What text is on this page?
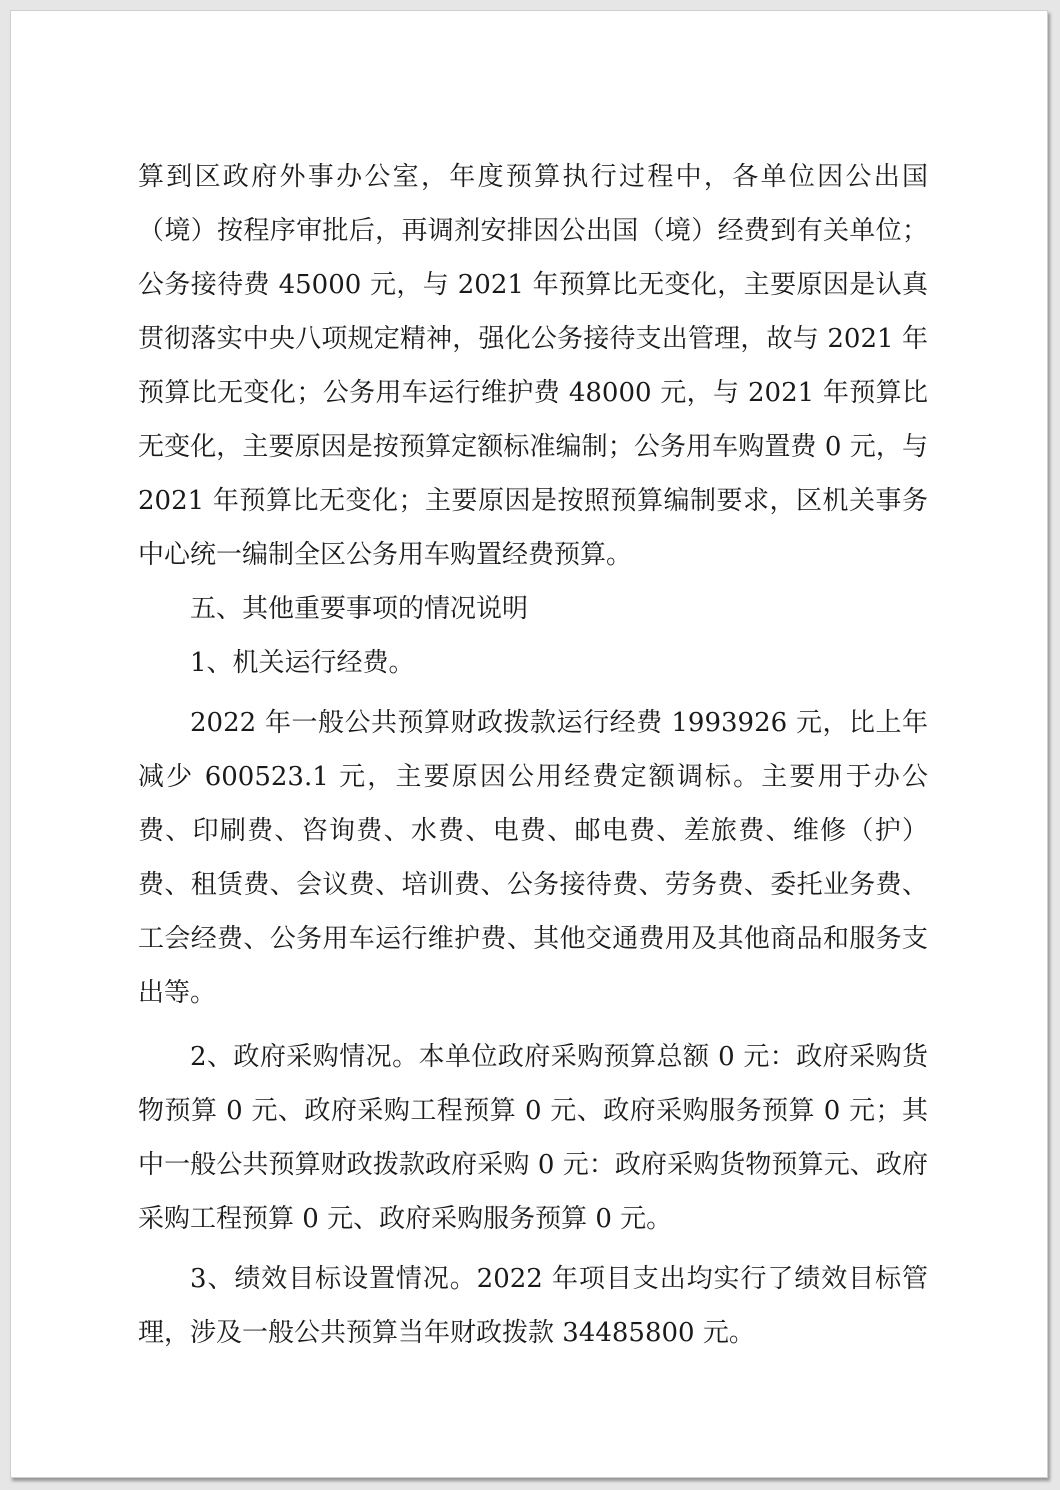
算到区政府外事办公室，年度预算执行过程中，各单位因公出国（境）按程序审批后，再调剂安排因公出国（境）经费到有关单位；公务接待费 45000 元，与 2021 年预算比无变化，主要原因是认真贯彻落实中央八项规定精神，强化公务接待支出管理，故与 2021 年预算比无变化；公务用车运行维护费 48000 元，与 2021 年预算比无变化，主要原因是按预算定额标准编制；公务用车购置费 0 元，与 2021 年预算比无变化；主要原因是按照预算编制要求，区机关事务中心统一编制全区公务用车购置经费预算。

五、其他重要事项的情况说明

1、机关运行经费。

2022 年一般公共预算财政拨款运行经费 1993926 元，比上年减少 600523.1 元，主要原因公用经费定额调标。主要用于办公费、印刷费、咨询费、水费、电费、邮电费、差旅费、维修（护）费、租赁费、会议费、培训费、公务接待费、劳务费、委托业务费、工会经费、公务用车运行维护费、其他交通费用及其他商品和服务支出等。

2、政府采购情况。本单位政府采购预算总额 0 元：政府采购货物预算 0 元、政府采购工程预算 0 元、政府采购服务预算 0 元；其中一般公共预算财政拨款政府采购 0 元：政府采购货物预算元、政府采购工程预算 0 元、政府采购服务预算 0 元。

3、绩效目标设置情况。2022 年项目支出均实行了绩效目标管理，涉及一般公共预算当年财政拨款 34485800 元。
